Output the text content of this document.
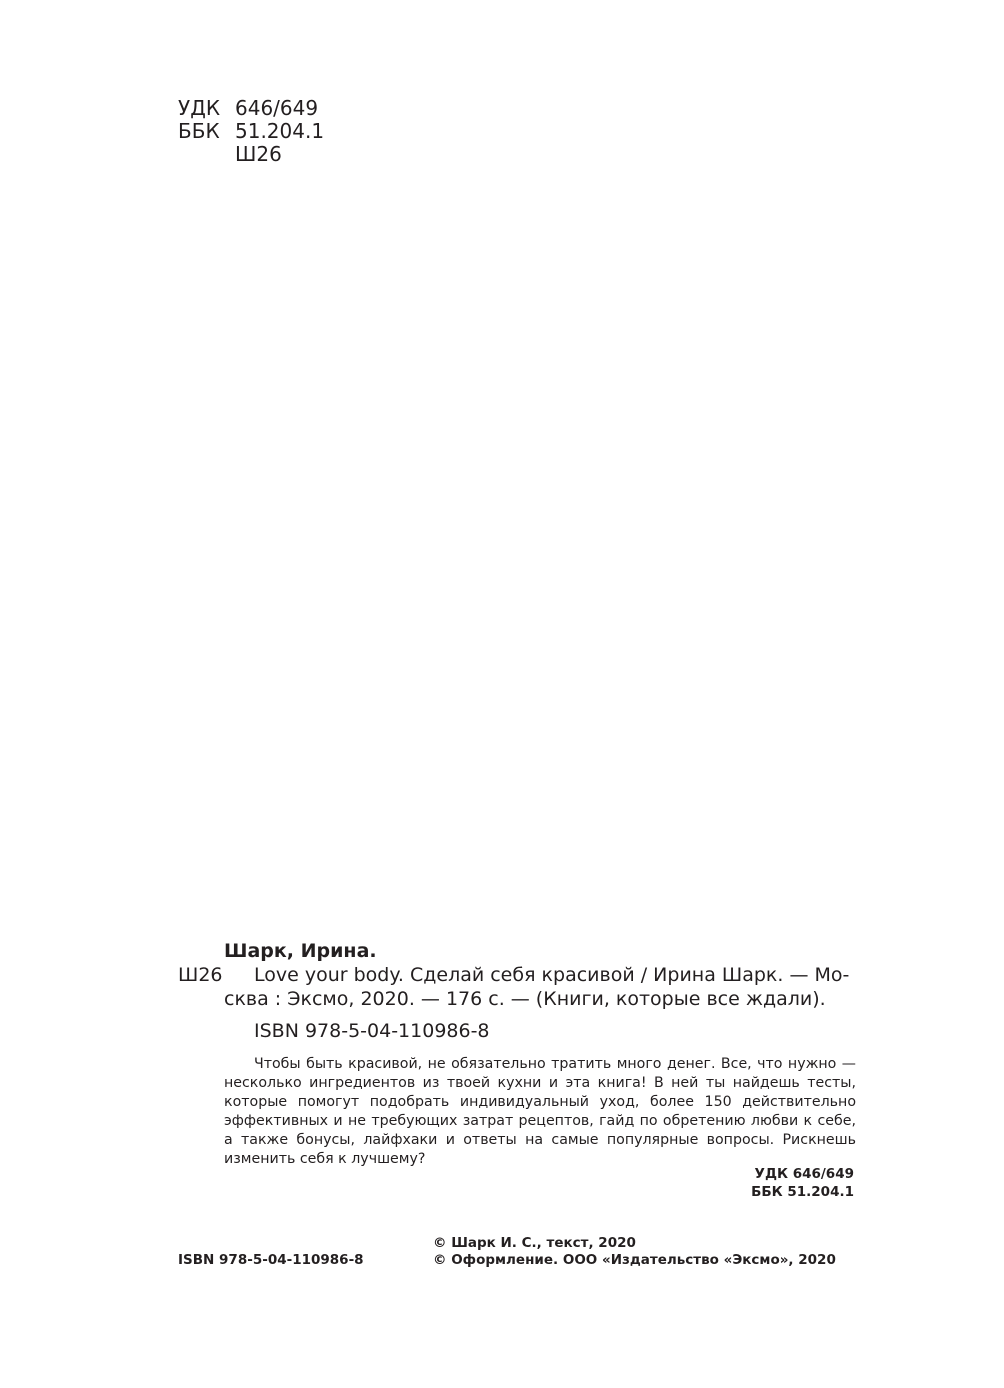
УДК 646/649
ББК 51.204.1
Ш26
Шарк, Ирина.
Ш26 Love your body. Сделай себя красивой / Ирина Шарк. — Мо-
сква : Эксмо, 2020. — 176 с. — (Книги, которые все ждали).
ISBN 978-5-04-110986-8

Чтобы быть красивой, не обязательно тратить много денег. Все, что нужно — несколько ингредиентов из твоей кухни и эта книга! В ней ты найдешь тесты, которые помогут подобрать индивидуальный уход, более 150 действительно эффективных и не требующих затрат рецептов, гайд по обретению любви к себе, а также бонусы, лайфхаки и ответы на самые популярные вопросы. Рискнешь изменить себя к лучшему?

УДК 646/649
ББК 51.204.1
ISBN 978-5-04-110986-8
© Шарк И. С., текст, 2020
© Оформление. ООО «Издательство «Эксмо», 2020
